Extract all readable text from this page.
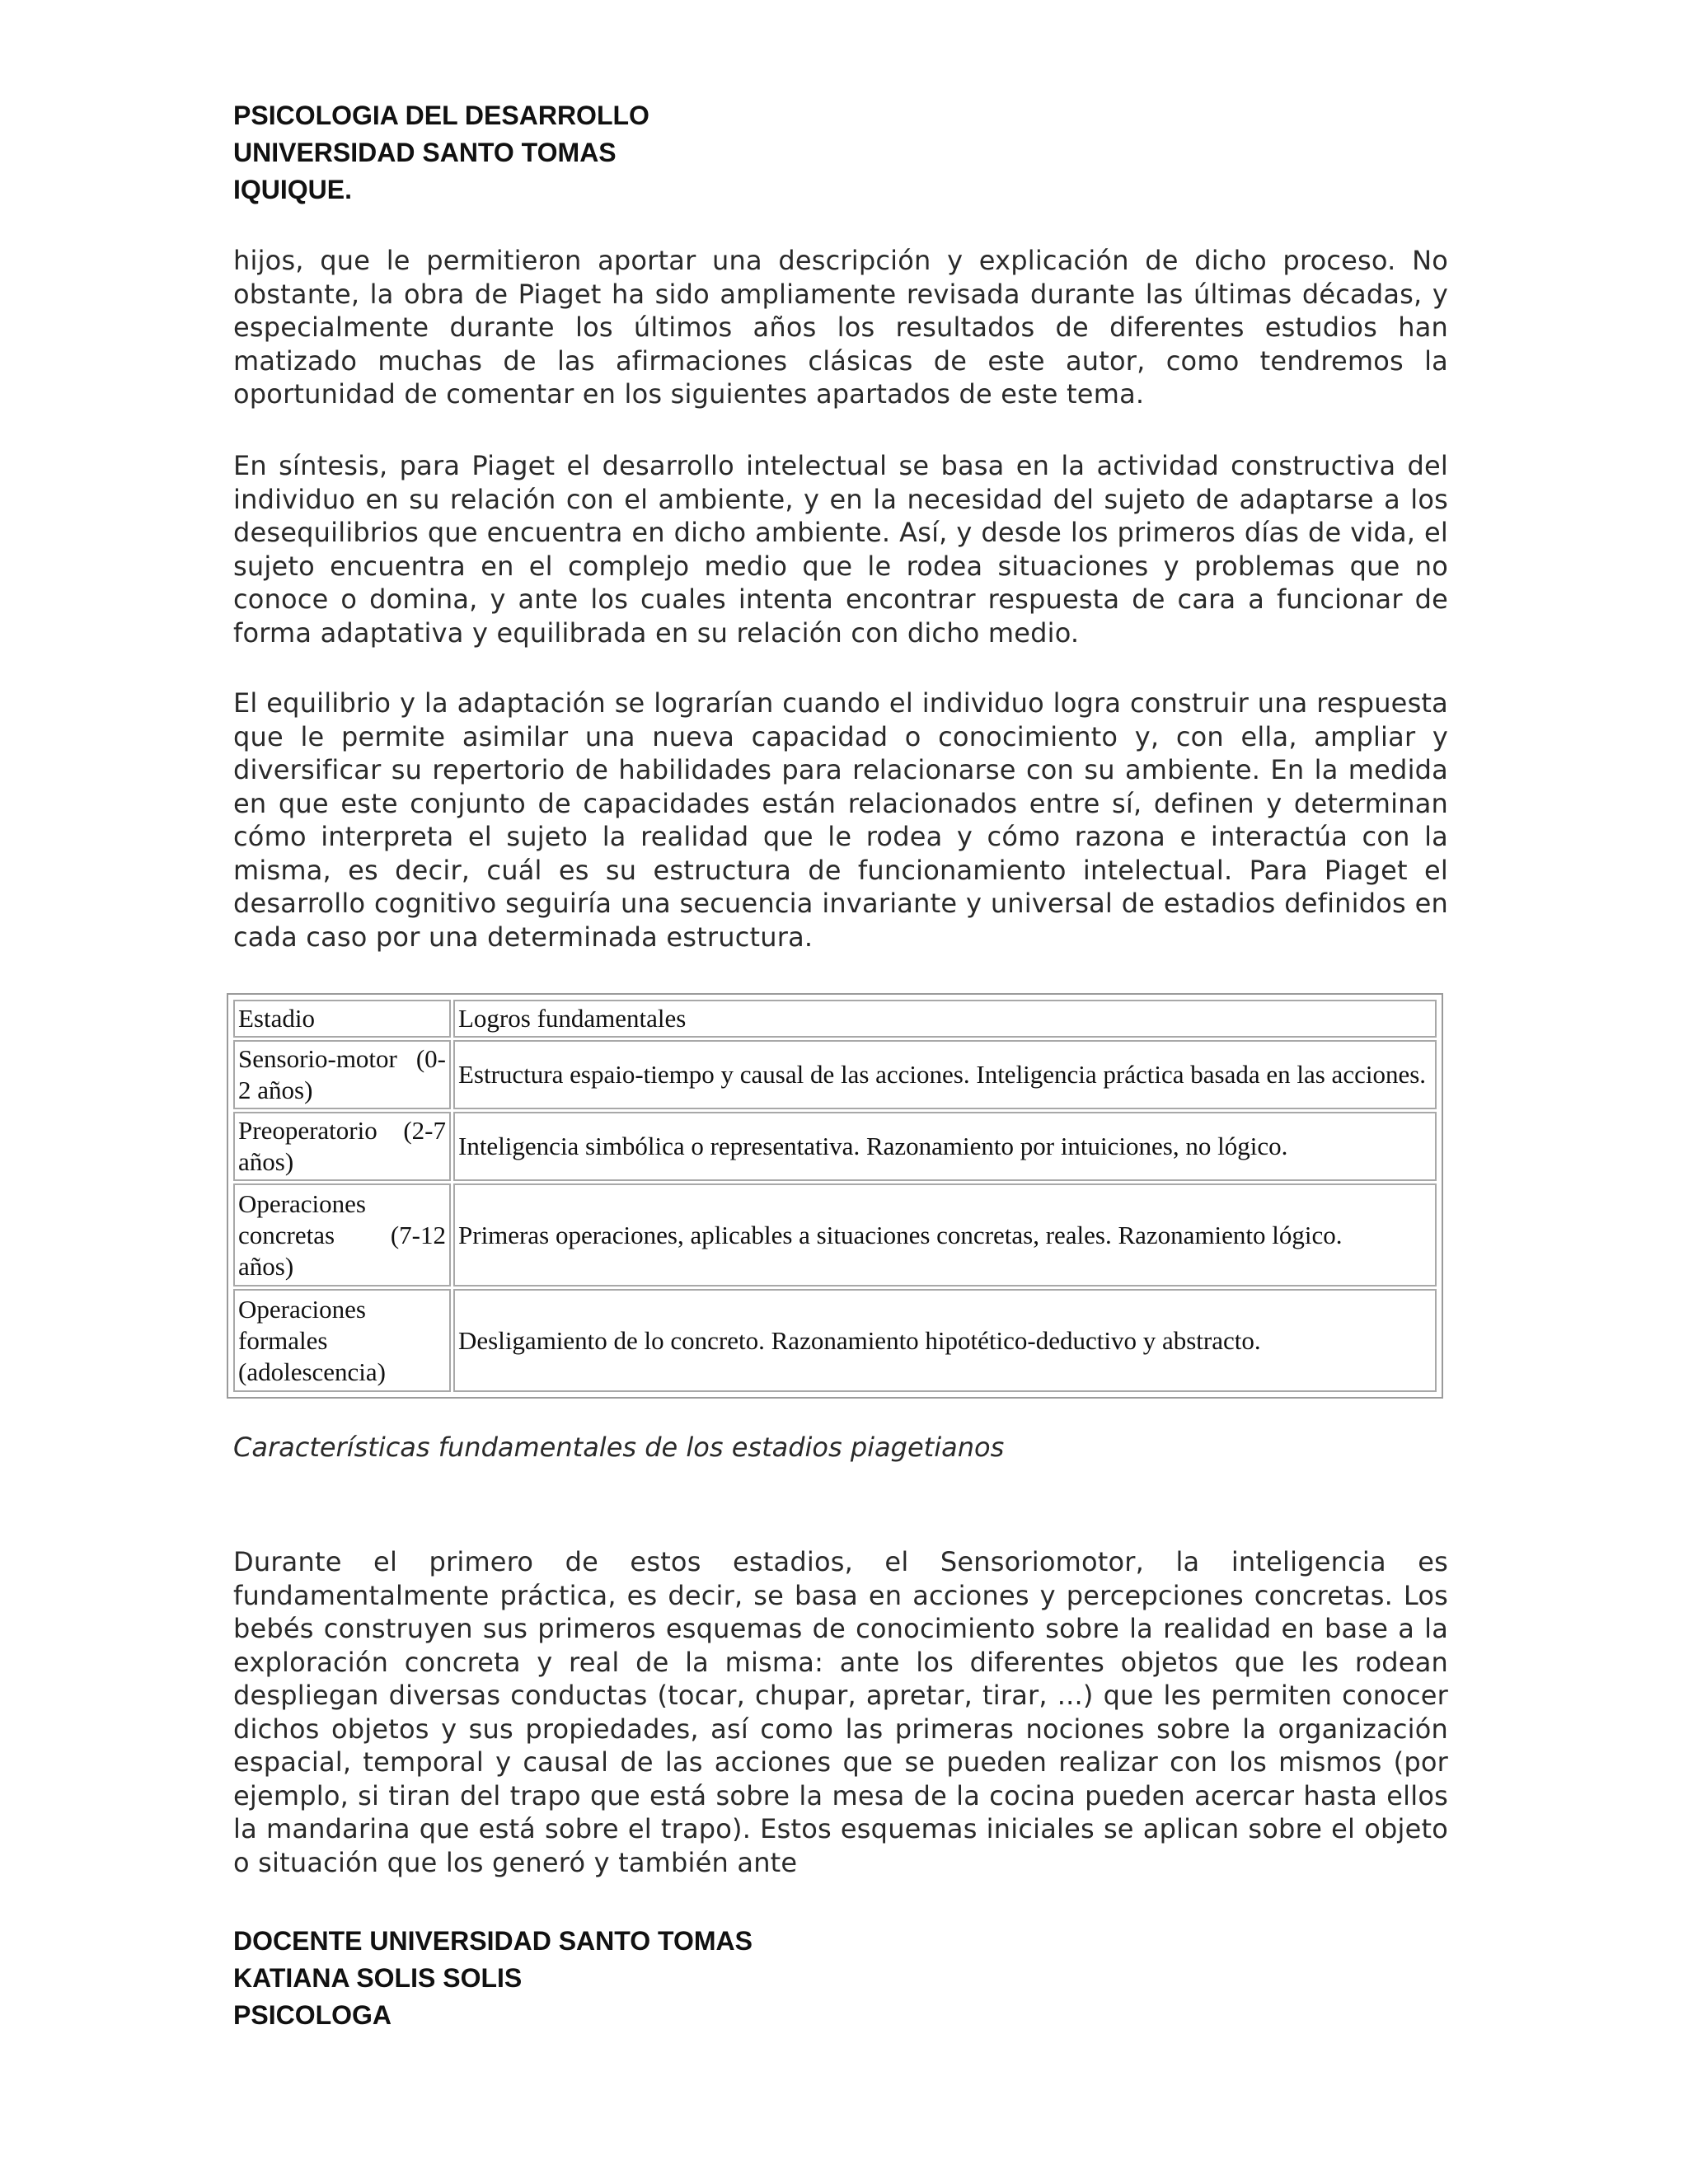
PSICOLOGIA DEL DESARROLLO
UNIVERSIDAD SANTO TOMAS
IQUIQUE.

hijos, que le permitieron aportar una descripción y explicación de dicho proceso. No obstante, la obra de Piaget ha sido ampliamente revisada durante las últimas décadas, y especialmente durante los últimos años los resultados de diferentes estudios han matizado muchas de las afirmaciones clásicas de este autor, como tendremos la oportunidad de comentar en los siguientes apartados de este tema.

En síntesis, para Piaget el desarrollo intelectual se basa en la actividad constructiva del individuo en su relación con el ambiente, y en la necesidad del sujeto de adaptarse a los desequilibrios que encuentra en dicho ambiente. Así, y desde los primeros días de vida, el sujeto encuentra en el complejo medio que le rodea situaciones y problemas que no conoce o domina, y ante los cuales intenta encontrar respuesta de cara a funcionar de forma adaptativa y equilibrada en su relación con dicho medio.

El equilibrio y la adaptación se lograrían cuando el individuo logra construir una respuesta que le permite asimilar una nueva capacidad o conocimiento y, con ella, ampliar y diversificar su repertorio de habilidades para relacionarse con su ambiente. En la medida en que este conjunto de capacidades están relacionados entre sí, definen y determinan cómo interpreta el sujeto la realidad que le rodea y cómo razona e interactúa con la misma, es decir, cuál es su estructura de funcionamiento intelectual. Para Piaget el desarrollo cognitivo seguiría una secuencia invariante y universal de estadios definidos en cada caso por una determinada estructura.

Estadio	Logros fundamentales
Sensorio-motor (0-2 años)	Estructura espaio-tiempo y causal de las acciones. Inteligencia práctica basada en las acciones.
Preoperatorio (2-7 años)	Inteligencia simbólica o representativa. Razonamiento por intuiciones, no lógico.
Operaciones concretas (7-12 años)	Primeras operaciones, aplicables a situaciones concretas, reales. Razonamiento lógico.
Operaciones formales (adolescencia)	Desligamiento de lo concreto. Razonamiento hipotético-deductivo y abstracto.
Características fundamentales de los estadios piagetianos

Durante el primero de estos estadios, el Sensoriomotor, la inteligencia es fundamentalmente práctica, es decir, se basa en acciones y percepciones concretas. Los bebés construyen sus primeros esquemas de conocimiento sobre la realidad en base a la exploración concreta y real de la misma: ante los diferentes objetos que les rodean despliegan diversas conductas (tocar, chupar, apretar, tirar, ...) que les permiten conocer dichos objetos y sus propiedades, así como las primeras nociones sobre la organización espacial, temporal y causal de las acciones que se pueden realizar con los mismos (por ejemplo, si tiran del trapo que está sobre la mesa de la cocina pueden acercar hasta ellos la mandarina que está sobre el trapo). Estos esquemas iniciales se aplican sobre el objeto o situación que los generó y también ante

DOCENTE UNIVERSIDAD SANTO TOMAS
KATIANA SOLIS SOLIS
PSICOLOGA
